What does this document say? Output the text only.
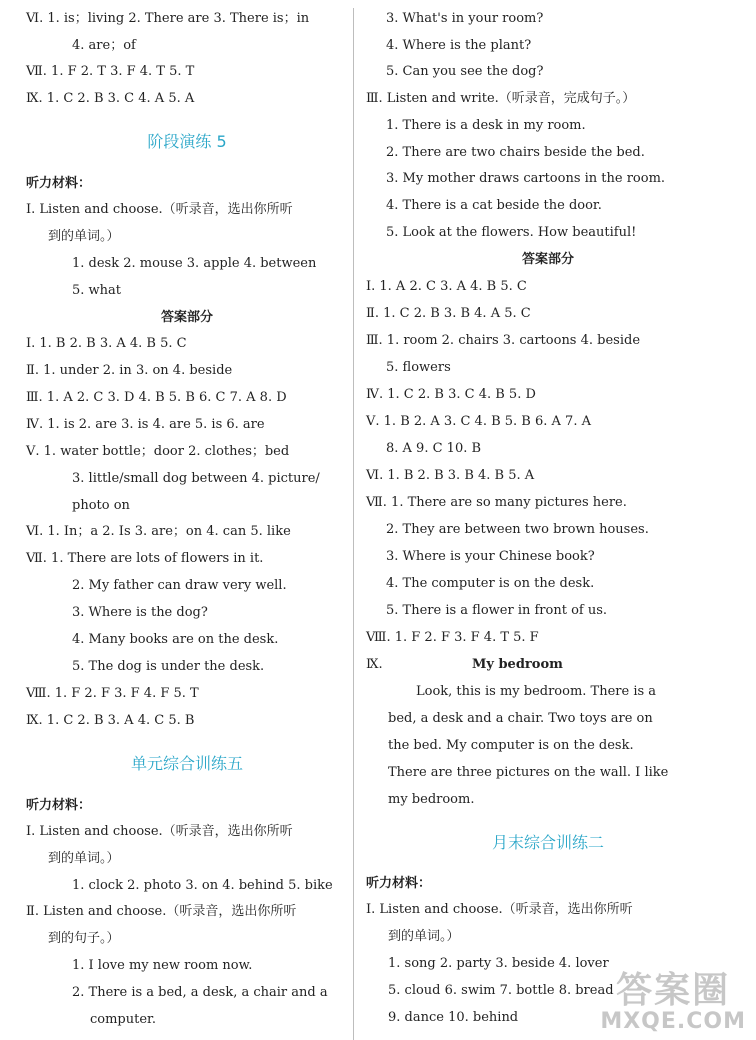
Ⅵ. 1. is；living 2. There are 3. There is；in
4. are；of
Ⅶ. 1. F 2. T 3. F 4. T 5. T
Ⅸ. 1. C 2. B 3. C 4. A 5. A
阶段演练 5
听力材料：
Ⅰ. Listen and choose.（听录音，选出你所听
到的单词。）
1. desk 2. mouse 3. apple 4. between
5. what
答案部分
Ⅰ. 1. B 2. B 3. A 4. B 5. C
Ⅱ. 1. under 2. in 3. on 4. beside
Ⅲ. 1. A 2. C 3. D 4. B 5. B 6. C 7. A 8. D
Ⅳ. 1. is 2. are 3. is 4. are 5. is 6. are
Ⅴ. 1. water bottle；door 2. clothes；bed
3. little/small dog between 4. picture/
photo on
Ⅵ. 1. In；a 2. Is 3. are；on 4. can 5. like
Ⅶ. 1. There are lots of flowers in it.
2. My father can draw very well.
3. Where is the dog?
4. Many books are on the desk.
5. The dog is under the desk.
Ⅷ. 1. F 2. F 3. F 4. F 5. T
Ⅸ. 1. C 2. B 3. A 4. C 5. B
单元综合训练五
听力材料：
Ⅰ. Listen and choose.（听录音，选出你所听
到的单词。）
1. clock 2. photo 3. on 4. behind 5. bike
Ⅱ. Listen and choose.（听录音，选出你所听
到的句子。）
1. I love my new room now.
2. There is a bed, a desk, a chair and a
computer.
3. What's in your room?
4. Where is the plant?
5. Can you see the dog?
Ⅲ. Listen and write.（听录音，完成句子。）
1. There is a desk in my room.
2. There are two chairs beside the bed.
3. My mother draws cartoons in the room.
4. There is a cat beside the door.
5. Look at the flowers. How beautiful!
答案部分
Ⅰ. 1. A 2. C 3. A 4. B 5. C
Ⅱ. 1. C 2. B 3. B 4. A 5. C
Ⅲ. 1. room 2. chairs 3. cartoons 4. beside
5. flowers
Ⅳ. 1. C 2. B 3. C 4. B 5. D
Ⅴ. 1. B 2. A 3. C 4. B 5. B 6. A 7. A
8. A 9. C 10. B
Ⅵ. 1. B 2. B 3. B 4. B 5. A
Ⅶ. 1. There are so many pictures here.
2. They are between two brown houses.
3. Where is your Chinese book?
4. The computer is on the desk.
5. There is a flower in front of us.
Ⅷ. 1. F 2. F 3. F 4. T 5. F
Ⅸ.	My bedroom
Look, this is my bedroom. There is a
bed, a desk and a chair. Two toys are on
the bed. My computer is on the desk.
There are three pictures on the wall. I like
my bedroom.
月末综合训练二
听力材料：
Ⅰ. Listen and choose.（听录音，选出你所听
到的单词。）
1. song 2. party 3. beside 4. lover
5. cloud 6. swim 7. bottle 8. bread
9. dance 10. behind
答案圈
MXQE.COM
